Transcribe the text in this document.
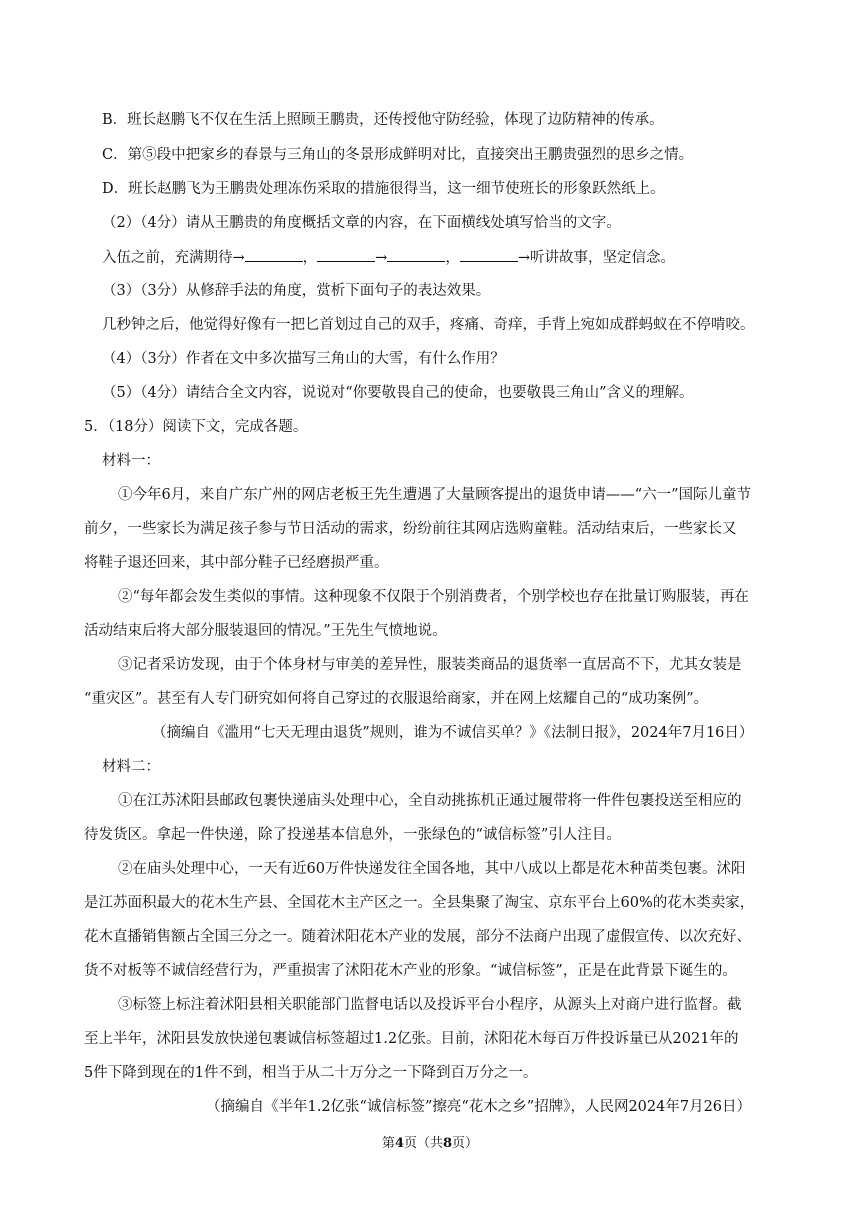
B．班长赵鹏飞不仅在生活上照顾王鹏贵，还传授他守防经验，体现了边防精神的传承。
C．第⑤段中把家乡的春景与三角山的冬景形成鲜明对比，直接突出王鹏贵强烈的思乡之情。
D．班长赵鹏飞为王鹏贵处理冻伤采取的措施很得当，这一细节使班长的形象跃然纸上。
（2）（4分）请从王鹏贵的角度概括文章的内容，在下面横线处填写恰当的文字。
入伍之前，充满期待→	，	→	，	→听讲故事，坚定信念。
（3）（3分）从修辞手法的角度，赏析下面句子的表达效果。
几秒钟之后，他觉得好像有一把匕首划过自己的双手，疼痛、奇痒，手背上宛如成群蚂蚁在不停啃咬。
（4）（3分）作者在文中多次描写三角山的大雪，有什么作用？
（5）（4分）请结合全文内容，说说对“你要敬畏自己的使命，也要敬畏三角山”含义的理解。
5．（18分）阅读下文，完成各题。
材料一：
①今年6月，来自广东广州的网店老板王先生遭遇了大量顾客提出的退货申请——“六一”国际儿童节
前夕，一些家长为满足孩子参与节日活动的需求，纷纷前往其网店选购童鞋。活动结束后，一些家长又
将鞋子退还回来，其中部分鞋子已经磨损严重。
②“每年都会发生类似的事情。这种现象不仅限于个别消费者，个别学校也存在批量订购服装，再在
活动结束后将大部分服装退回的情况。”王先生气愤地说。
③记者采访发现，由于个体身材与审美的差异性，服装类商品的退货率一直居高不下，尤其女装是
“重灾区”。甚至有人专门研究如何将自己穿过的衣服退给商家，并在网上炫耀自己的“成功案例”。
（摘编自《滥用“七天无理由退货”规则，谁为不诚信买单？》《法制日报》，2024年7月16日）
材料二：
①在江苏沭阳县邮政包裹快递庙头处理中心，全自动挑拣机正通过履带将一件件包裹投送至相应的
待发货区。拿起一件快递，除了投递基本信息外，一张绿色的“诚信标签”引人注目。
②在庙头处理中心，一天有近60万件快递发往全国各地，其中八成以上都是花木种苗类包裹。沭阳
是江苏面积最大的花木生产县、全国花木主产区之一。全县集聚了淘宝、京东平台上60%的花木类卖家，
花木直播销售额占全国三分之一。随着沭阳花木产业的发展，部分不法商户出现了虚假宣传、以次充好、
货不对板等不诚信经营行为，严重损害了沭阳花木产业的形象。“诚信标签”，正是在此背景下诞生的。
③标签上标注着沭阳县相关职能部门监督电话以及投诉平台小程序，从源头上对商户进行监督。截
至上半年，沭阳县发放快递包裹诚信标签超过1.2亿张。目前，沭阳花木每百万件投诉量已从2021年的
5件下降到现在的1件不到，相当于从二十万分之一下降到百万分之一。
（摘编自《半年1.2亿张“诚信标签”擦亮“花木之乡”招牌》，人民网2024年7月26日）
第4页（共8页）
